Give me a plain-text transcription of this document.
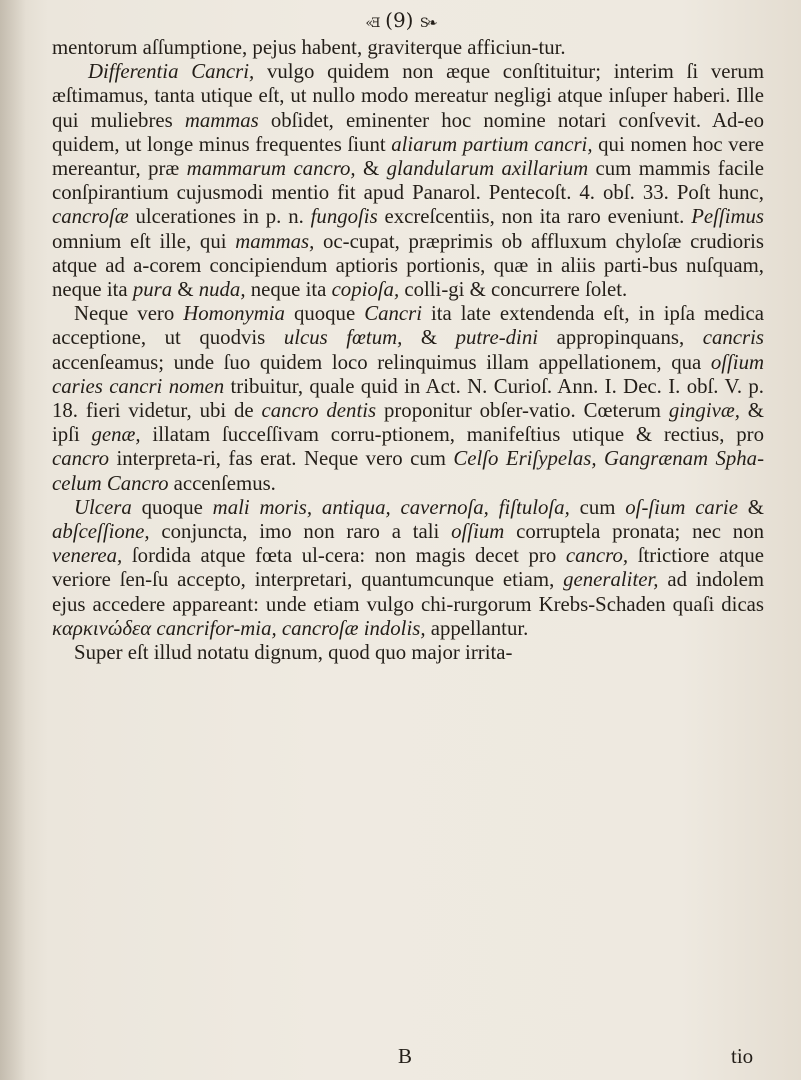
«Ǝ (9) S❧

mentorum aſſumptione, pejus habent, graviterque afficiun-tur.

Differentia Cancri, vulgo quidem non æque conſtituitur; interim ſi verum æſtimamus, tanta utique eſt, ut nullo modo mereatur negligi atque inſuper haberi. Ille qui muliebres mammas obſidet, eminenter hoc nomine notari conſvevit. Ad-eo quidem, ut longe minus frequentes ſiunt aliarum partium cancri, qui nomen hoc vere mereantur, præ mammarum cancro, & glandularum axillarium cum mammis facile conſpirantium cujusmodi mentio fit apud Panarol. Pentecoſt. 4. obſ. 33. Poſt hunc, cancroſæ ulcerationes in p. n. fungoſis excreſcentiis, non ita raro eveniunt. Peſſimus omnium eſt ille, qui mammas, oc-cupat, præprimis ob affluxum chyloſæ crudioris atque ad a-corem concipiendum aptioris portionis, quæ in aliis parti-bus nuſquam, neque ita pura & nuda, neque ita copioſa, colli-gi & concurrere ſolet.

Neque vero Homonymia quoque Cancri ita late extendenda eſt, in ipſa medica acceptione, ut quodvis ulcus fœtum, & putre-dini appropinquans, cancris accenſeamus; unde ſuo quidem loco relinquimus illam appellationem, qua oſſium caries cancri nomen tribuitur, quale quid in Act. N. Curioſ. Ann. I. Dec. I. obſ. V. p. 18. fieri videtur, ubi de cancro dentis proponitur obſer-vatio. Cœterum gingivæ, & ipſi genæ, illatam ſucceſſivam corru-ptionem, manifeſtius utique & rectius, pro cancro interpreta-ri, fas erat. Neque vero cum Celſo Eriſypelas, Gangrænam Spha-celum Cancro accenſemus.

Ulcera quoque mali moris, antiqua, cavernoſa, fiſtuloſa, cum oſ-ſium carie & abſceſſione, conjuncta, imo non raro a tali oſſium corruptela pronata; nec non venerea, ſordida atque fœta ul-cera: non magis decet pro cancro, ſtrictiore atque veriore ſen-ſu accepto, interpretari, quantumcunque etiam, generaliter, ad indolem ejus accedere appareant: unde etiam vulgo chi-rurgorum Krebs-Schaden quaſi dicas καρκινώδεα cancrifor-mia, cancroſæ indolis, appellantur.

Super eſt illud notatu dignum, quod quo major irrita-

B	tio
